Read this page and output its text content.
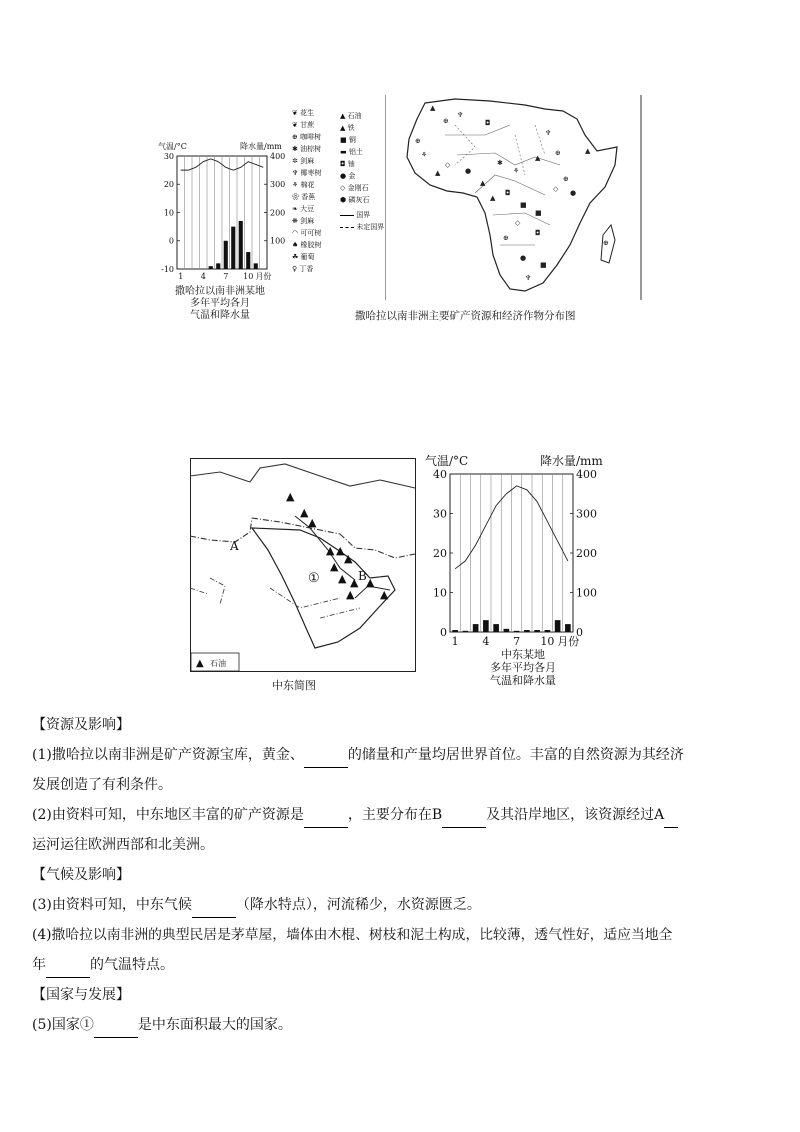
气温/°C	降水量/mm
-10
0
10
20
30
100
200
300
400
1 4 7 10 月份
撒哈拉以南非洲某地
多年平均各月
气温和降水量
❦ 花生
❦ 甘蔗
⊕ 咖啡树
✱ 油棕树
✲ 剑麻
♆ 椰枣树
⚘ 棉花
❀ 香蕉
❧ 大豆
❋ 剑麻
◠ 可可树
♠ 橡胶树
☘ 葡萄
♀ 丁香
▲ 石油
▲ 铁
■ 铜
▬ 铝土
◘ 铀
● 金
◇ 金刚石
⬢ 磷灰石
国界
未定国界
▲
⊕
♆
◘
⊕
⚘
▲
◇
●
▲
✱
⚘
▲
⊕
⊕
◘
■
■
◇
⊕
◘
●
■
♆
◇ ●
⊕
▲
♆
▲
撒哈拉以南非洲主要矿产资源和经济作物分布图
▲
▲
▲
▲ ▲
▲
▲
▲ ▲ ▲
▲
▲
A
B
①
▲ 石油
中东简图
气温/°C	降水量/mm
0
10
20
30
40
0
100
200
300
400
1 4 7 10 月份
中东某地
多年平均各月
气温和降水量
【资源及影响】
(1)撒哈拉以南非洲是矿产资源宝库，黄金、	的储量和产量均居世界首位。丰富的自然资源为其经济
发展创造了有利条件。
(2)由资料可知，中东地区丰富的矿产资源是	，主要分布在B	及其沿岸地区，该资源经过A
运河运往欧洲西部和北美洲。
【气候及影响】
(3)由资料可知，中东气候	（降水特点），河流稀少，水资源匮乏。
(4)撒哈拉以南非洲的典型民居是茅草屋，墙体由木棍、树枝和泥土构成，比较薄，透气性好，适应当地全
年	的气温特点。
【国家与发展】
(5)国家①	是中东面积最大的国家。
